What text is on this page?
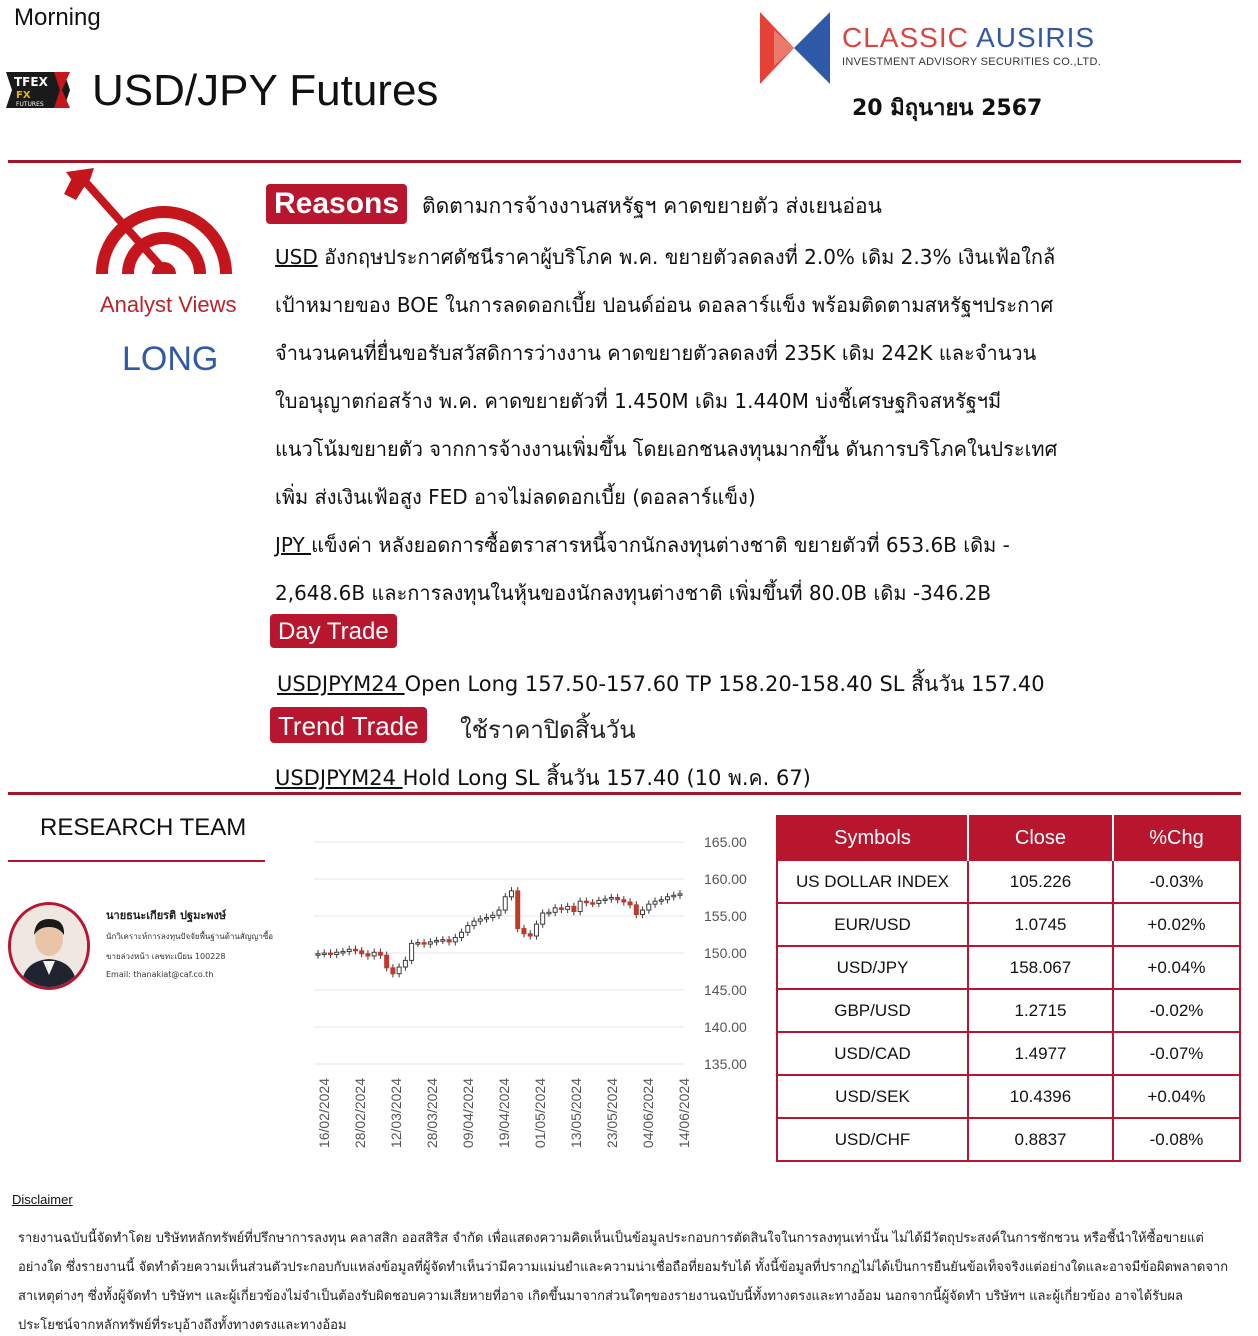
Morning
TFEX
FX
FUTURES USD/JPY Futures
CLASSIC AUSIRIS
INVESTMENT ADVISORY SECURITIES CO.,LTD.
20 มิถุนายน 2567
Analyst Views
LONG
Reasons	ติดตามการจ้างงานสหรัฐฯ คาดขยายตัว ส่งเยนอ่อน
USD อังกฤษประกาศดัชนีราคาผู้บริโภค พ.ค. ขยายตัวลดลงที่ 2.0% เดิม 2.3% เงินเฟ้อใกล้
เป้าหมายของ BOE ในการลดดอกเบี้ย ปอนด์อ่อน ดอลลาร์แข็ง พร้อมติดตามสหรัฐฯประกาศ
จำนวนคนที่ยื่นขอรับสวัสดิการว่างงาน คาดขยายตัวลดลงที่ 235K เดิม 242K และจำนวน
ใบอนุญาตก่อสร้าง พ.ค. คาดขยายตัวที่ 1.450M เดิม 1.440M บ่งชี้เศรษฐกิจสหรัฐฯมี
แนวโน้มขยายตัว จากการจ้างงานเพิ่มขึ้น โดยเอกชนลงทุนมากขึ้น ดันการบริโภคในประเทศ
เพิ่ม ส่งเงินเฟ้อสูง FED อาจไม่ลดดอกเบี้ย (ดอลลาร์แข็ง)
JPY แข็งค่า หลังยอดการซื้อตราสารหนี้จากนักลงทุนต่างชาติ ขยายตัวที่ 653.6B เดิม -
2,648.6B และการลงทุนในหุ้นของนักลงทุนต่างชาติ เพิ่มขึ้นที่ 80.0B เดิม -346.2B
Day Trade
USDJPYM24 Open Long 157.50-157.60 TP 158.20-158.40 SL สิ้นวัน 157.40
Trend Trade	ใช้ราคาปิดสิ้นวัน
USDJPYM24 Hold Long SL สิ้นวัน 157.40 (10 พ.ค. 67)
RESEARCH TEAM
นายธนะเกียรติ ปฐมะพงษ์
นักวิเคราะห์การลงทุนปัจจัยพื้นฐานด้านสัญญาซื้อ
ขายล่วงหน้า เลขทะเบียน 100228
Email: thanakiat@caf.co.th
165.00
160.00
155.00
150.00
145.00
140.00
135.00
16/02/2024 28/02/2024 12/03/2024 28/03/2024 09/04/2024 19/04/2024 01/05/2024 13/05/2024 23/05/2024 04/06/2024 14/06/2024
Symbols	Close	%Chg
US DOLLAR INDEX	105.226	-0.03%
EUR/USD	1.0745	+0.02%
USD/JPY	158.067	+0.04%
GBP/USD	1.2715	-0.02%
USD/CAD	1.4977	-0.07%
USD/SEK	10.4396	+0.04%
USD/CHF	0.8837	-0.08%
Disclaimer
รายงานฉบับนี้จัดทำโดย บริษัทหลักทรัพย์ที่ปรึกษาการลงทุน คลาสสิก ออสสิริส จำกัด เพื่อแสดงความคิดเห็นเป็นข้อมูลประกอบการตัดสินใจในการลงทุนเท่านั้น ไม่ได้มีวัตถุประสงค์ในการชักชวน หรือชี้นำให้ซื้อขายแต่อย่างใด ซึ่งรายงานนี้ จัดทำด้วยความเห็นส่วนตัวประกอบกับแหล่งข้อมูลที่ผู้จัดทำเห็นว่ามีความแม่นยำและความน่าเชื่อถือที่ยอมรับได้ ทั้งนี้ข้อมูลที่ปรากฏไม่ได้เป็นการยืนยันข้อเท็จจริงแต่อย่างใดและอาจมีข้อผิดพลาดจากสาเหตุต่างๆ ซึ่งทั้งผู้จัดทำ บริษัทฯ และผู้เกี่ยวข้องไม่จำเป็นต้องรับผิดชอบความเสียหายที่อาจ เกิดขึ้นมาจากส่วนใดๆของรายงานฉบับนี้ทั้งทางตรงและทางอ้อม นอกจากนี้ผู้จัดทำ บริษัทฯ และผู้เกี่ยวข้อง อาจได้รับผลประโยชน์จากหลักทรัพย์ที่ระบุอ้างถึงทั้งทางตรงและทางอ้อม
